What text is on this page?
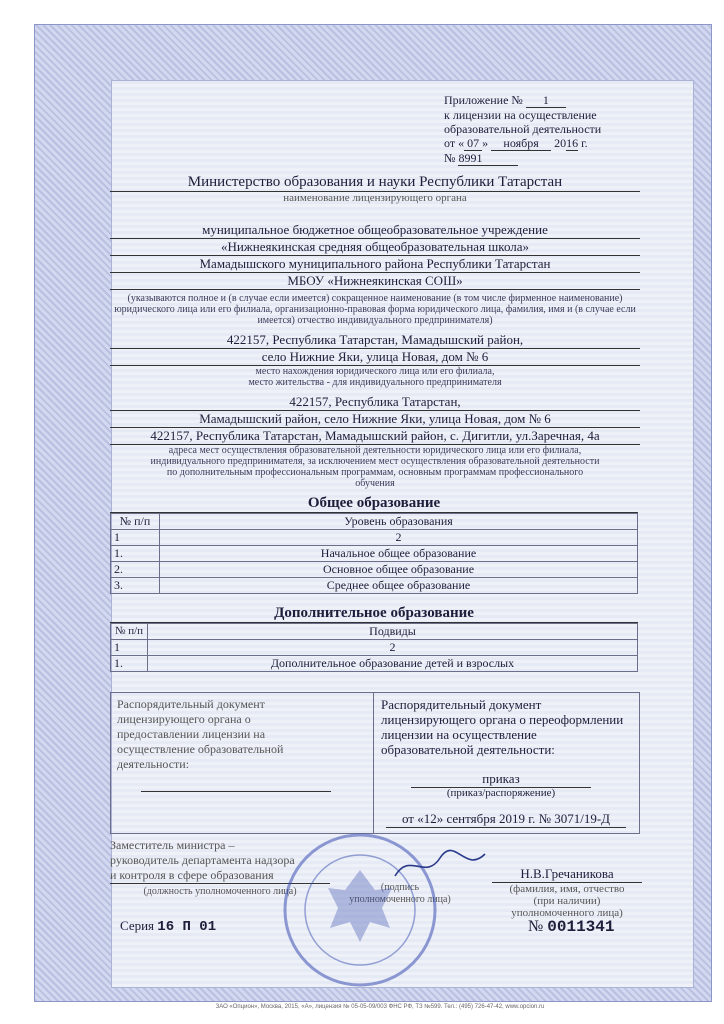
Приложение № 1
к лицензии на осуществление
образовательной деятельности
от « 07 » ноября 2016 г.
№ 8991
Министерство образования и науки Республики Татарстан
наименование лицензирующего органа
муниципальное бюджетное общеобразовательное учреждение
«Нижнеякинская средняя общеобразовательная школа»
Мамадышского муниципального района Республики Татарстан
МБОУ «Нижнеякинская СОШ»
(указываются полное и (в случае если имеется) сокращенное наименование (в том числе фирменное наименование) юридического лица или его филиала, организационно-правовая форма юридического лица, фамилия, имя и (в случае если имеется) отчество индивидуального предпринимателя)
422157, Республика Татарстан, Мамадышский район,
село Нижние Яки, улица Новая, дом № 6
место нахождения юридического лица или его филиала,
место жительства - для индивидуального предпринимателя
422157, Республика Татарстан,
Мамадышский район, село Нижние Яки, улица Новая, дом № 6
422157, Республика Татарстан, Мамадышский район, с. Дигитли, ул.Заречная, 4а
адреса мест осуществления образовательной деятельности юридического лица или его филиала, индивидуального предпринимателя, за исключением мест осуществления образовательной деятельности по дополнительным профессиональным программам, основным программам профессионального обучения
Общее образование
№ п/п	Уровень образования
1	2
1.	Начальное общее образование
2.	Основное общее образование
3.	Среднее общее образование
Дополнительное образование
№ п/п	Подвиды
1	2
1.	Дополнительное образование детей и взрослых
Распорядительный документ лицензирующего органа о предоставлении лицензии на осуществление образовательной деятельности:
Распорядительный документ лицензирующего органа о переоформлении лицензии на осуществление образовательной деятельности:
приказ
(приказ/распоряжение)
от «12» сентября 2019 г. № 3071/19-Д
Заместитель министра –
руководитель департамента надзора
и контроля в сфере образования
(должность уполномоченного лица)	(подпись
уполномоченного лица)
Н.В.Гречаникова
(фамилия, имя, отчество
(при наличии)
уполномоченного лица)
Серия 16 П 01	№ 0011341
ЗАО «Опцион», Москва, 2015, «А», лицензия № 05-05-09/003 ФНС РФ, ТЗ №599. Тел.: (495) 726-47-42, www.opcion.ru
